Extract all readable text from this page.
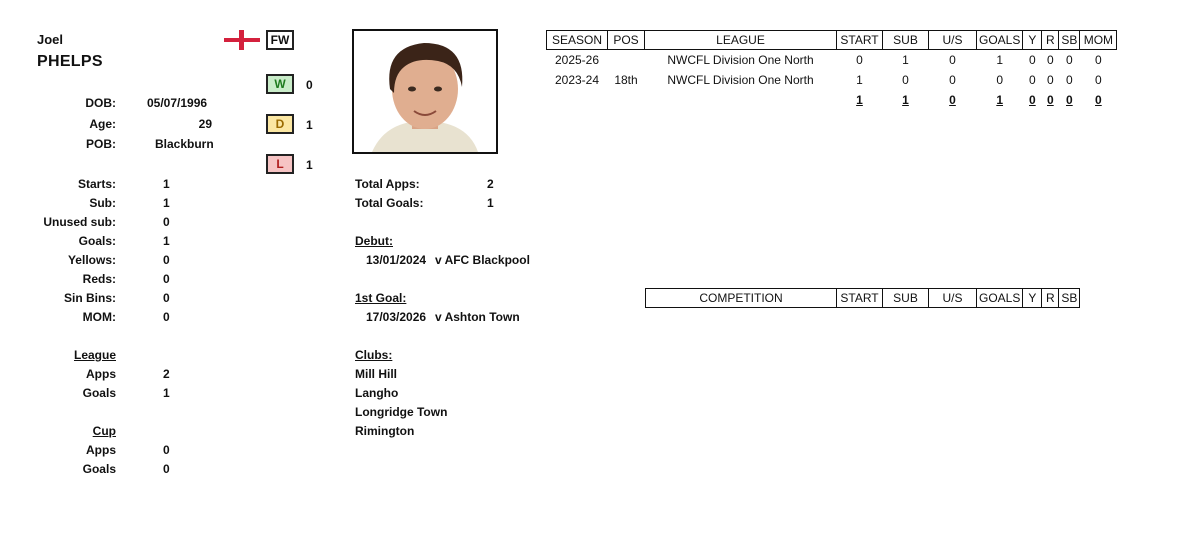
Joel
PHELPS
DOB:	05/07/1996
Age:	29
POB:	Blackburn
Starts:	1
Sub:	1
Unused sub:	0
Goals:	1
Yellows:	0
Reds:	0
Sin Bins:	0
MOM:	0
League
Apps	2
Goals	1
Cup
Apps	0
Goals	0
FW
W	0
D	1
L	1
Total Apps:	2
Total Goals:	1
Debut:
13/01/2024 v AFC Blackpool
1st Goal:
17/03/2026 v Ashton Town
Clubs:
Mill Hill
Langho
Longridge Town
Rimington
SEASON	POS	LEAGUE	START	SUB	U/S	GOALS	Y	R	SB	MOM
2025-26		NWCFL Division One North	0	1	0	1	0	0	0	0
2023-24	18th	NWCFL Division One North	1	0	0	0	0	0	0	0
			1	1	0	1	0	0	0	0
COMPETITION	START	SUB	U/S	GOALS	Y	R	SB
